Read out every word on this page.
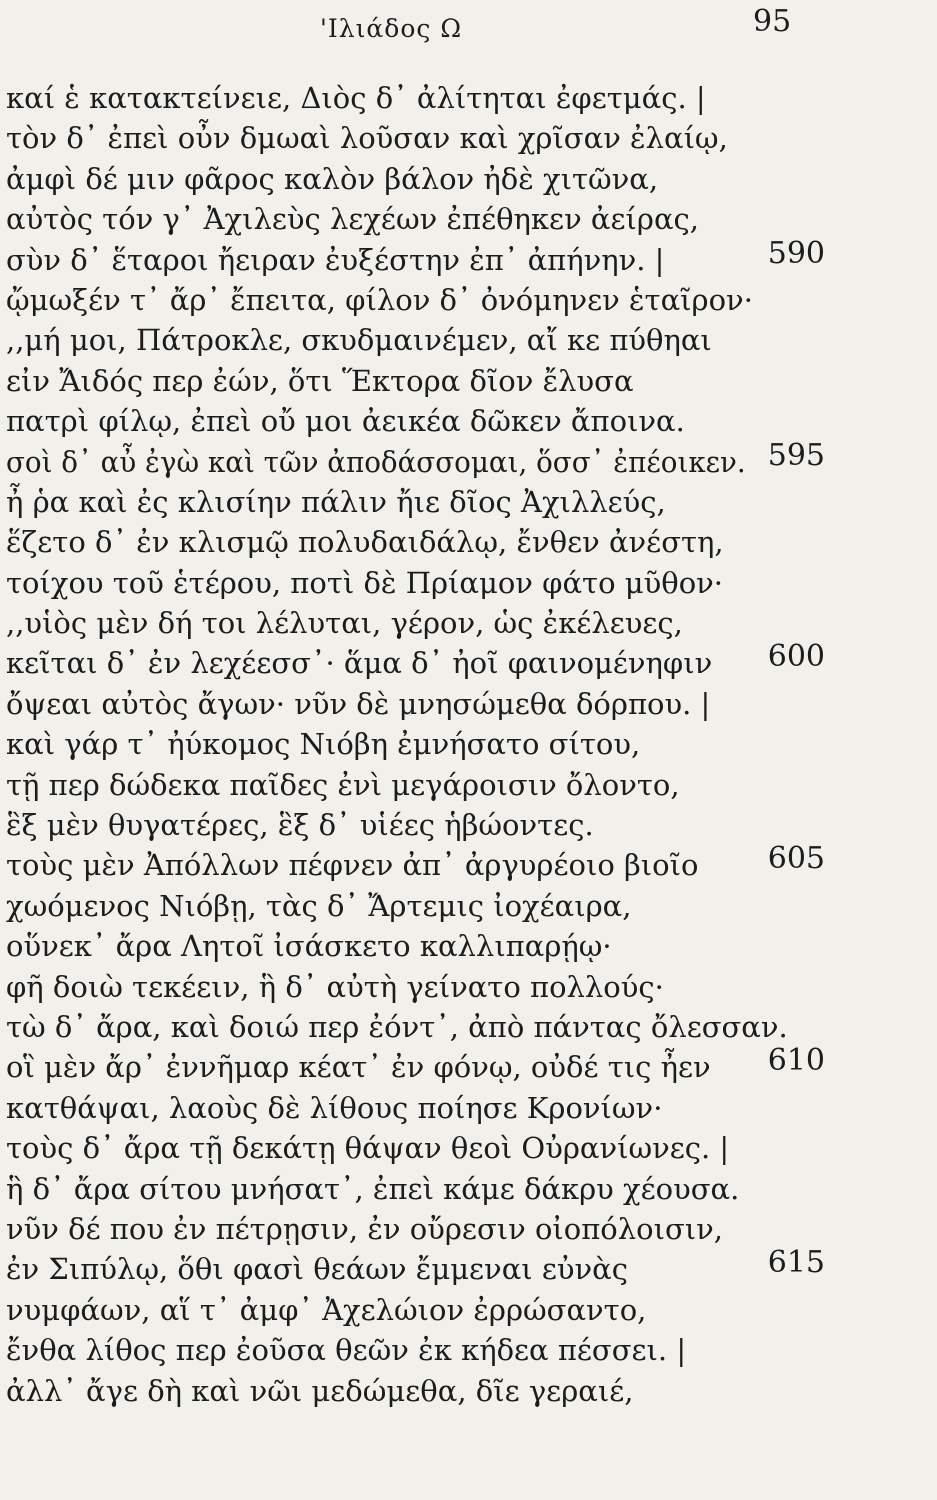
'Ιλιάδος Ω	95
καί ἑ κατακτείνειε, Διὸς δ᾽ ἀλίτηται ἐφετμάς. |
τὸν δ᾽ ἐπεὶ οὖν δμωαὶ λοῦσαν καὶ χρῖσαν ἐλαίῳ,
ἀμφὶ δέ μιν φᾶρος καλὸν βάλον ἠδὲ χιτῶνα,
αὐτὸς τόν γ᾽ Ἀχιλεὺς λεχέων ἐπέθηκεν ἀείρας,
σὺν δ᾽ ἕταροι ἤειραν ἐυξέστην ἐπ᾽ ἀπήνην. |	590
ᾤμωξέν τ᾽ ἄρ᾽ ἔπειτα, φίλον δ᾽ ὀνόμηνεν ἑταῖρον·
,,μή μοι, Πάτροκλε, σκυδμαινέμεν, αἴ κε πύθηαι
εἰν Ἄιδός περ ἐών, ὅτι Ἕκτορα δῖον ἔλυσα
πατρὶ φίλῳ, ἐπεὶ οὔ μοι ἀεικέα δῶκεν ἄποινα.
σοὶ δ᾽ αὖ ἐγὼ καὶ τῶν ἀποδάσσομαι, ὅσσ᾽ ἐπέοικεν. 595
ἦ ῥα καὶ ἐς κλισίην πάλιν ἤιε δῖος Ἀχιλλεύς,
ἕζετο δ᾽ ἐν κλισμῷ πολυδαιδάλῳ, ἔνθεν ἀνέστη,
τοίχου τοῦ ἑτέρου, ποτὶ δὲ Πρίαμον φάτο μῦθον·
,,υἱὸς μὲν δή τοι λέλυται, γέρον, ὡς ἐκέλευες,
κεῖται δ᾽ ἐν λεχέεσσ᾽· ἅμα δ᾽ ἠοῖ φαινομένηφιν 600
ὄψεαι αὐτὸς ἄγων· νῦν δὲ μνησώμεθα δόρπου. |
καὶ γάρ τ᾽ ἠύκομος Νιόβη ἐμνήσατο σίτου,
τῇ περ δώδεκα παῖδες ἐνὶ μεγάροισιν ὄλοντο,
ἓξ μὲν θυγατέρες, ἓξ δ᾽ υἱέες ἡβώοντες.
τοὺς μὲν Ἀπόλλων πέφνεν ἀπ᾽ ἀργυρέοιο βιοῖο 605
χωόμενος Νιόβῃ, τὰς δ᾽ Ἄρτεμις ἰοχέαιρα,
οὕνεκ᾽ ἄρα Λητοῖ ἰσάσκετο καλλιπαρῄῳ·
φῆ δοιὼ τεκέειν, ἣ δ᾽ αὐτὴ γείνατο πολλούς·
τὼ δ᾽ ἄρα, καὶ δοιώ περ ἐόντ᾽, ἀπὸ πάντας ὄλεσσαν.
οἳ μὲν ἄρ᾽ ἐννῆμαρ κέατ᾽ ἐν φόνῳ, οὐδέ τις ἦεν 610
κατθάψαι, λαοὺς δὲ λίθους ποίησε Κρονίων·
τοὺς δ᾽ ἄρα τῇ δεκάτῃ θάψαν θεοὶ Οὐρανίωνες. |
ἣ δ᾽ ἄρα σίτου μνήσατ᾽, ἐπεὶ κάμε δάκρυ χέουσα.
νῦν δέ που ἐν πέτρῃσιν, ἐν οὔρεσιν οἰοπόλοισιν,
ἐν Σιπύλῳ, ὅθι φασὶ θεάων ἔμμεναι εὐνὰς	615
νυμφάων, αἵ τ᾽ ἀμφ᾽ Ἀχελώιον ἐρρώσαντο,
ἔνθα λίθος περ ἐοῦσα θεῶν ἐκ κήδεα πέσσει. |
ἀλλ᾽ ἄγε δὴ καὶ νῶι μεδώμεθα, δῖε γεραιέ,
